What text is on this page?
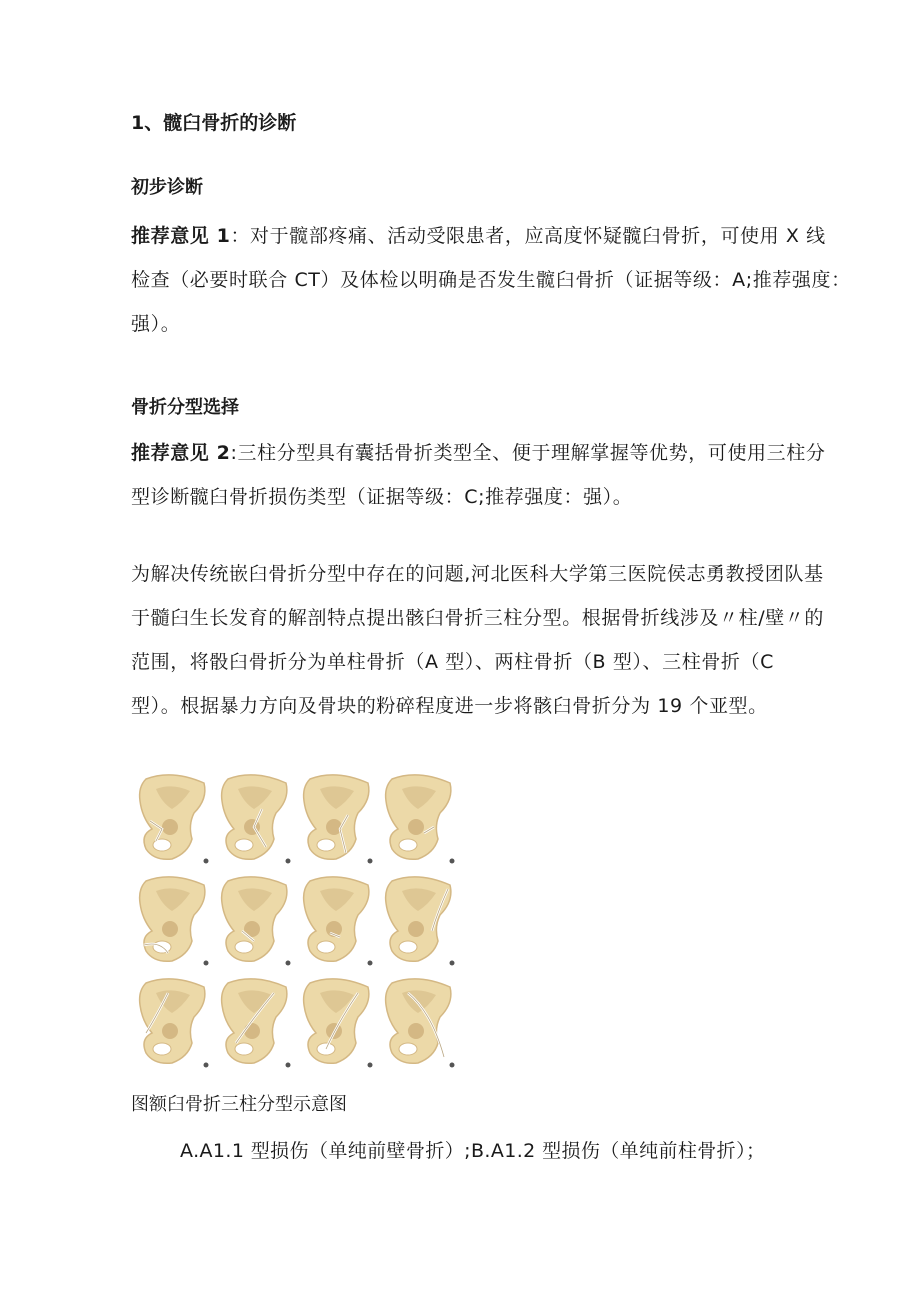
1、髋臼骨折的诊断
初步诊断
推荐意见 1：对于髋部疼痛、活动受限患者，应高度怀疑髋臼骨折，可使用 X 线
检查（必要时联合 CT）及体检以明确是否发生髋臼骨折（证据等级：A;推荐强度：
强）。
骨折分型选择
推荐意见 2:三柱分型具有囊括骨折类型全、便于理解掌握等优势，可使用三柱分
型诊断髋臼骨折损伤类型（证据等级：C;推荐强度：强）。
为解决传统嵌臼骨折分型中存在的问题,河北医科大学第三医院侯志勇教授团队基
于髓臼生长发育的解剖特点提出骸臼骨折三柱分型。根据骨折线涉及〃柱/壁〃的
范围，将骰臼骨折分为单柱骨折（A 型）、两柱骨折（B 型）、三柱骨折（C
型）。根据暴力方向及骨块的粉碎程度进一步将骸臼骨折分为 19 个亚型。
图额臼骨折三柱分型示意图
A.A1.1 型损伤（单纯前壁骨折）;B.A1.2 型损伤（单纯前柱骨折）；
